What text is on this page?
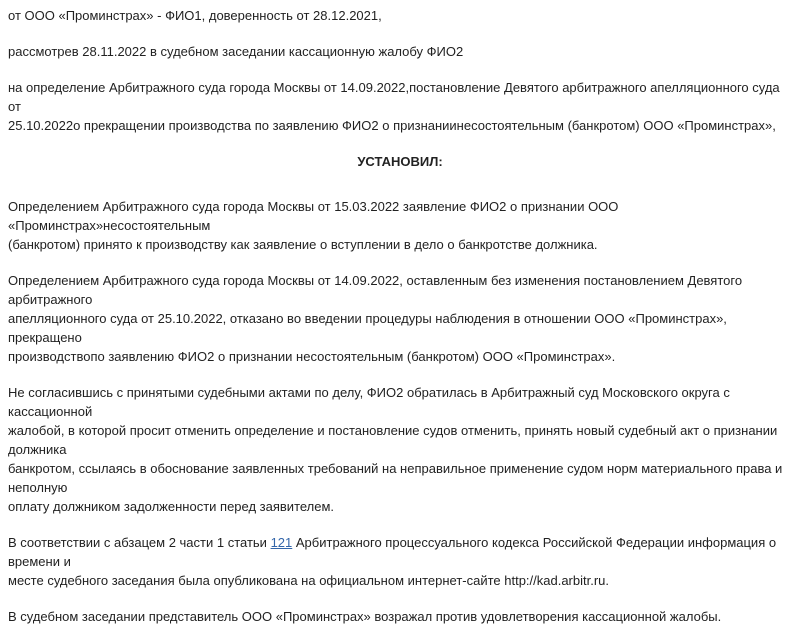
от ООО «Проминстрах» - ФИО1, доверенность от 28.12.2021,

рассмотрев 28.11.2022 в судебном заседании кассационную жалобу ФИО2

на определение Арбитражного суда города Москвы от 14.09.2022,постановление Девятого арбитражного апелляционного суда от
25.10.2022о прекращении производства по заявлению ФИО2 о признаниинесостоятельным (банкротом) ООО «Проминстрах»,

УСТАНОВИЛ:

Определением Арбитражного суда города Москвы от 15.03.2022 заявление ФИО2 о признании ООО «Проминстрах»несостоятельным
(банкротом) принято к производству как заявление о вступлении в дело о банкротстве должника.

Определением Арбитражного суда города Москвы от 14.09.2022, оставленным без изменения постановлением Девятого арбитражного
апелляционного суда от 25.10.2022, отказано во введении процедуры наблюдения в отношении ООО «Проминстрах», прекращено
производствопо заявлению ФИО2 о признании несостоятельным (банкротом) ООО «Проминстрах».

Не согласившись с принятыми судебными актами по делу, ФИО2 обратилась в Арбитражный суд Московского округа с кассационной
жалобой, в которой просит отменить определение и постановление судов отменить, принять новый судебный акт о признании должника
банкротом, ссылаясь в обоснование заявленных требований на неправильное применение судом норм материального права и неполную
оплату должником задолженности перед заявителем.

В соответствии с абзацем 2 части 1 статьи 121 Арбитражного процессуального кодекса Российской Федерации информация о времени и
месте судебного заседания была опубликована на официальном интернет-сайте http://kad.arbitr.ru.

В судебном заседании представитель ООО «Проминстрах» возражал против удовлетворения кассационной жалобы.
